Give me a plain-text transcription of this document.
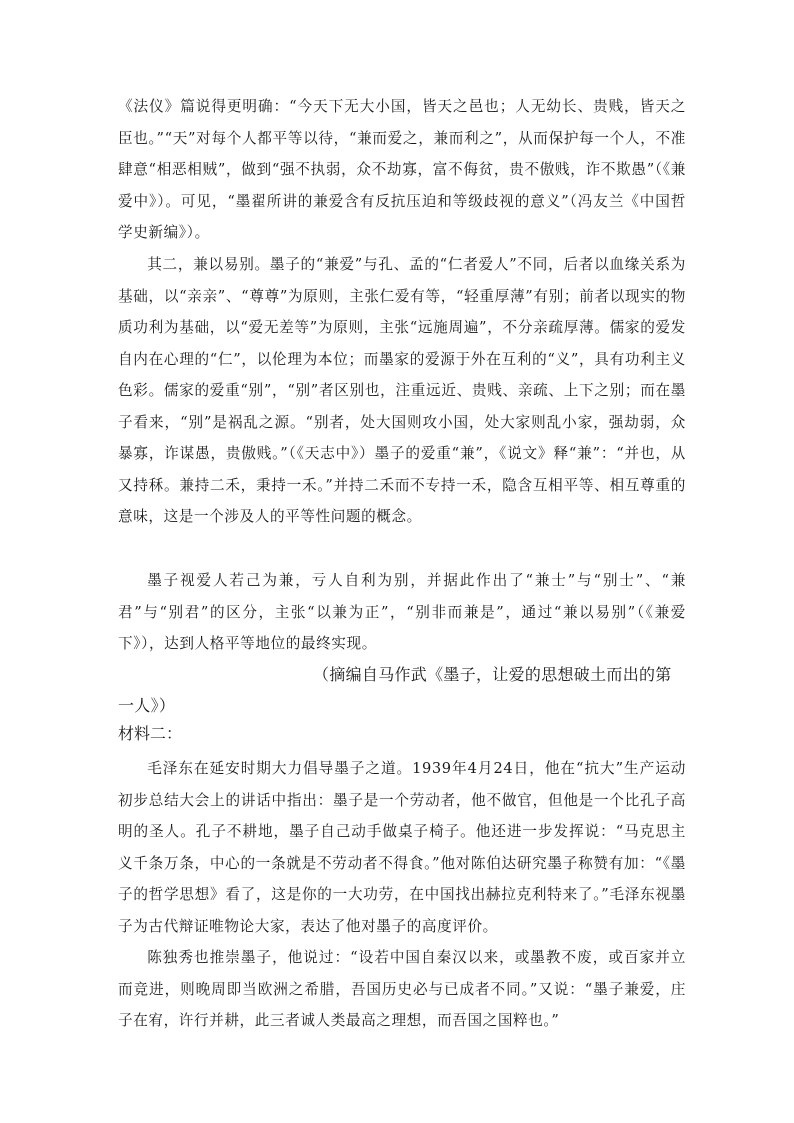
《法仪》篇说得更明确：“今天下无大小国，皆天之邑也；人无幼长、贵贱，皆天之臣也。”“天”对每个人都平等以待，“兼而爱之，兼而利之”，从而保护每一个人，不准肆意“相恶相贼”，做到“强不执弱，众不劫寡，富不侮贫，贵不傲贱，诈不欺愚”（《兼爱中》）。可见，“墨翟所讲的兼爱含有反抗压迫和等级歧视的意义”（冯友兰《中国哲学史新编》）。

其二，兼以易别。墨子的“兼爱”与孔、孟的“仁者爱人”不同，后者以血缘关系为基础，以“亲亲”、“尊尊”为原则，主张仁爱有等，“轻重厚薄”有别；前者以现实的物质功利为基础，以“爱无差等”为原则，主张“远施周遍”，不分亲疏厚薄。儒家的爱发自内在心理的“仁”，以伦理为本位；而墨家的爱源于外在互利的“义”，具有功利主义色彩。儒家的爱重“别”，“别”者区别也，注重远近、贵贱、亲疏、上下之别；而在墨子看来，“别”是祸乱之源。“别者，处大国则攻小国，处大家则乱小家，强劫弱，众暴寡，诈谋愚，贵傲贱。”（《天志中》）墨子的爱重“兼”，《说文》释“兼”：“并也，从又持秝。兼持二禾，秉持一禾。”并持二禾而不专持一禾，隐含互相平等、相互尊重的意味，这是一个涉及人的平等性问题的概念。

墨子视爱人若己为兼，亏人自利为别，并据此作出了“兼士”与“别士”、“兼君”与“别君”的区分，主张“以兼为正”，“别非而兼是”，通过“兼以易别”（《兼爱下》），达到人格平等地位的最终实现。

（摘编自马作武《墨子，让爱的思想破土而出的第一人》）

材料二：

毛泽东在延安时期大力倡导墨子之道。1939年4月24日，他在“抗大”生产运动初步总结大会上的讲话中指出：墨子是一个劳动者，他不做官，但他是一个比孔子高明的圣人。孔子不耕地，墨子自己动手做桌子椅子。他还进一步发挥说：“马克思主义千条万条，中心的一条就是不劳动者不得食。”他对陈伯达研究墨子称赞有加：“《墨子的哲学思想》看了，这是你的一大功劳，在中国找出赫拉克利特来了。”毛泽东视墨子为古代辩证唯物论大家，表达了他对墨子的高度评价。

陈独秀也推崇墨子，他说过：“设若中国自秦汉以来，或墨教不废，或百家并立而竞进，则晚周即当欧洲之希腊，吾国历史必与已成者不同。”又说：“墨子兼爱，庄子在宥，许行并耕，此三者诚人类最高之理想，而吾国之国粹也。”
